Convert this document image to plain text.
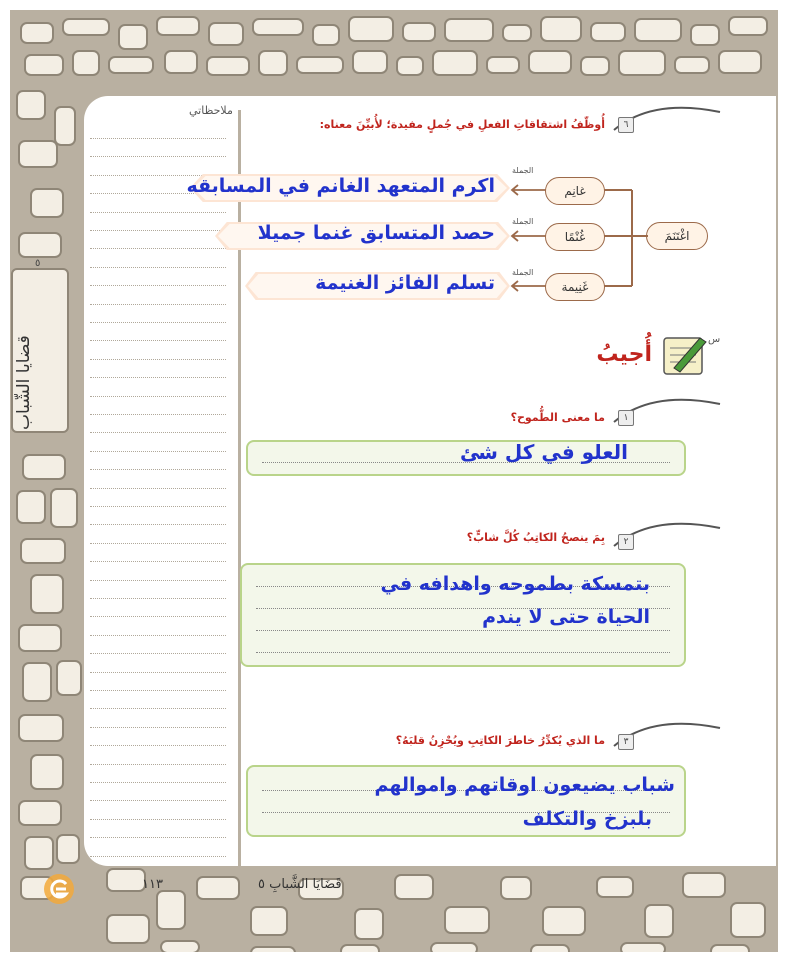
قضايا الشّباب
٥
ملاحظاتي
٦
أُوظّفُ اشتقاقاتِ الفعلِ في جُملٍ مفيدة؛ لأُبيِّنَ معناه:
اغْتَنَمَ
غانِم
غُنْمًا
غَنِيمة
الجملة
الجملة
الجملة
اكرم المتعهد الغانم في المسابقه
حصد المتسابق غنما جميلا
تسلم الفائز الغنيمة
س
أُجيبُ
١
ما معنى الطُّموح؟
العلو في كل شئ
٢
بِمَ ينصحُ الكاتِبُ كُلَّ شابٍّ؟
بتمسكة بطموحه واهدافه في
الحياة حتى لا يندم
٣
ما الذي يُكدِّرُ خاطرَ الكاتِبِ ويُحْزِنُ قلبَهُ؟
شباب يضيعون اوقاتهم واموالهم
بلبزخ والتكلف
١١٣	قَضَايَا الشَّبابِ ٥
